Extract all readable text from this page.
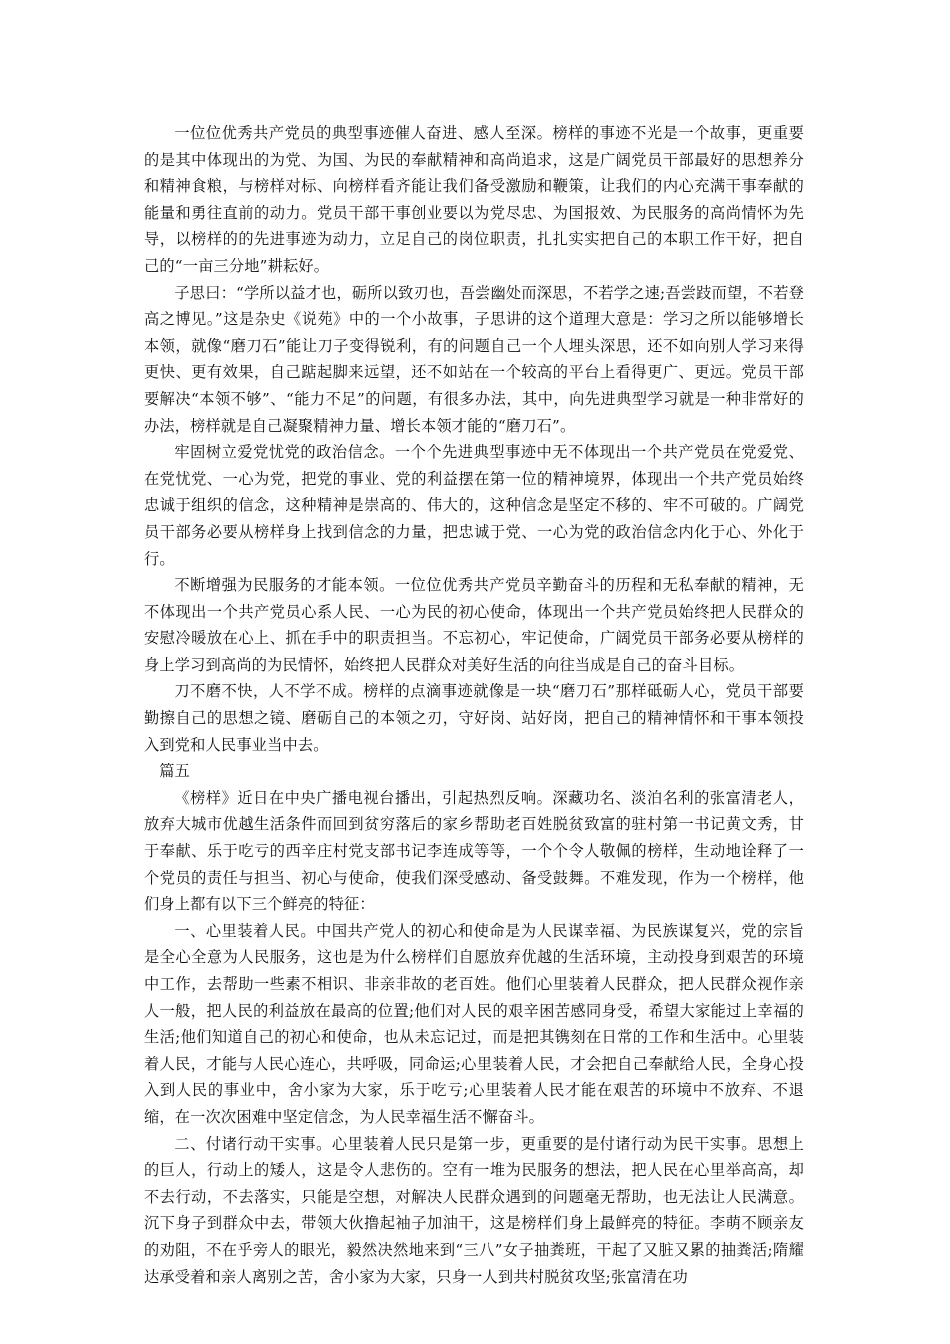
一位位优秀共产党员的典型事迹催人奋进、感人至深。榜样的事迹不光是一个故事，更重要的是其中体现出的为党、为国、为民的奉献精神和高尚追求，这是广阔党员干部最好的思想养分和精神食粮，与榜样对标、向榜样看齐能让我们备受激励和鞭策，让我们的内心充满干事奉献的能量和勇往直前的动力。党员干部干事创业要以为党尽忠、为国报效、为民服务的高尚情怀为先导，以榜样的的先进事迹为动力，立足自己的岗位职责，扎扎实实把自己的本职工作干好，把自己的“一亩三分地”耕耘好。

子思曰：“学所以益才也，砺所以致刃也，吾尝幽处而深思，不若学之速;吾尝跂而望，不若登高之博见。”这是杂史《说苑》中的一个小故事，子思讲的这个道理大意是：学习之所以能够增长本领，就像“磨刀石”能让刀子变得锐利，有的问题自己一个人埋头深思，还不如向别人学习来得更快、更有效果，自己踮起脚来远望，还不如站在一个较高的平台上看得更广、更远。党员干部要解决“本领不够”、“能力不足”的问题，有很多办法，其中，向先进典型学习就是一种非常好的办法，榜样就是自己凝聚精神力量、增长本领才能的“磨刀石”。

牢固树立爱党忧党的政治信念。一个个先进典型事迹中无不体现出一个共产党员在党爱党、在党忧党、一心为党，把党的事业、党的利益摆在第一位的精神境界，体现出一个共产党员始终忠诚于组织的信念，这种精神是崇高的、伟大的，这种信念是坚定不移的、牢不可破的。广阔党员干部务必要从榜样身上找到信念的力量，把忠诚于党、一心为党的政治信念内化于心、外化于行。

不断增强为民服务的才能本领。一位位优秀共产党员辛勤奋斗的历程和无私奉献的精神，无不体现出一个共产党员心系人民、一心为民的初心使命，体现出一个共产党员始终把人民群众的安慰冷暖放在心上、抓在手中的职责担当。不忘初心，牢记使命，广阔党员干部务必要从榜样的身上学习到高尚的为民情怀，始终把人民群众对美好生活的向往当成是自己的奋斗目标。

刀不磨不快，人不学不成。榜样的点滴事迹就像是一块“磨刀石”那样砥砺人心，党员干部要勤擦自己的思想之镜、磨砺自己的本领之刃，守好岗、站好岗，把自己的精神情怀和干事本领投入到党和人民事业当中去。

篇五

《榜样》近日在中央广播电视台播出，引起热烈反响。深藏功名、淡泊名利的张富清老人，放弃大城市优越生活条件而回到贫穷落后的家乡帮助老百姓脱贫致富的驻村第一书记黄文秀，甘于奉献、乐于吃亏的西辛庄村党支部书记李连成等等，一个个令人敬佩的榜样，生动地诠释了一个党员的责任与担当、初心与使命，使我们深受感动、备受鼓舞。不难发现，作为一个榜样，他们身上都有以下三个鲜亮的特征：

一、心里装着人民。中国共产党人的初心和使命是为人民谋幸福、为民族谋复兴，党的宗旨是全心全意为人民服务，这也是为什么榜样们自愿放弃优越的生活环境，主动投身到艰苦的环境中工作，去帮助一些素不相识、非亲非故的老百姓。他们心里装着人民群众，把人民群众视作亲人一般，把人民的利益放在最高的位置;他们对人民的艰辛困苦感同身受，希望大家能过上幸福的生活;他们知道自己的初心和使命，也从未忘记过，而是把其镌刻在日常的工作和生活中。心里装着人民，才能与人民心连心，共呼吸，同命运;心里装着人民，才会把自己奉献给人民，全身心投入到人民的事业中，舍小家为大家，乐于吃亏;心里装着人民才能在艰苦的环境中不放弃、不退缩，在一次次困难中坚定信念，为人民幸福生活不懈奋斗。

二、付诸行动干实事。心里装着人民只是第一步，更重要的是付诸行动为民干实事。思想上的巨人，行动上的矮人，这是令人悲伤的。空有一堆为民服务的想法，把人民在心里举高高，却不去行动，不去落实，只能是空想，对解决人民群众遇到的问题毫无帮助，也无法让人民满意。沉下身子到群众中去，带领大伙撸起袖子加油干，这是榜样们身上最鲜亮的特征。李萌不顾亲友的劝阻，不在乎旁人的眼光，毅然决然地来到“三八”女子抽粪班，干起了又脏又累的抽粪活;隋耀达承受着和亲人离别之苦，舍小家为大家，只身一人到共村脱贫攻坚;张富清在功
